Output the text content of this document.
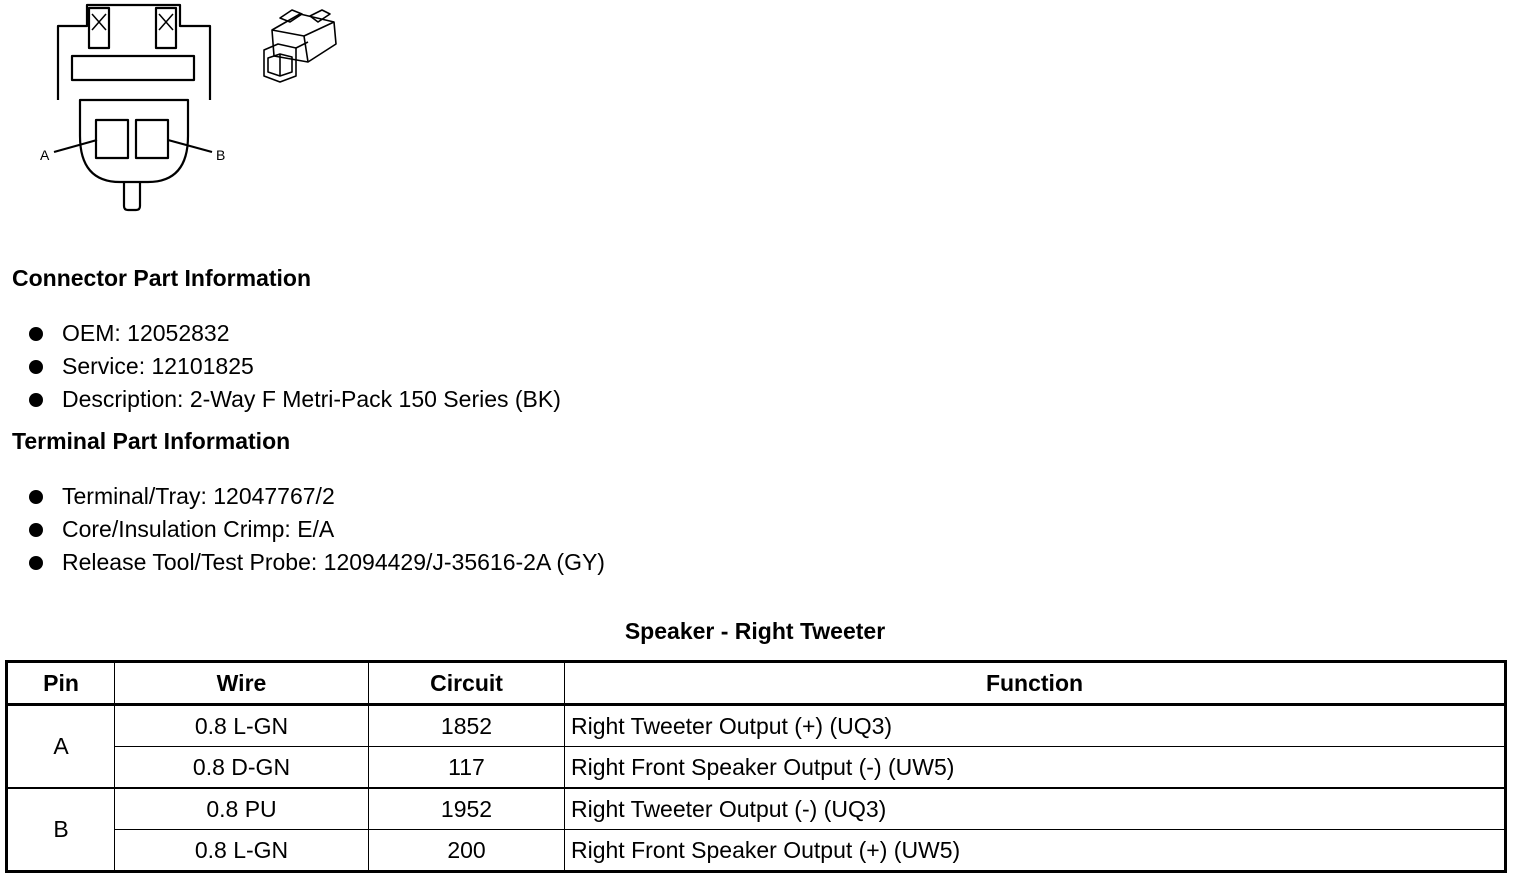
A	B
Connector Part Information
OEM: 12052832
Service: 12101825
Description: 2-Way F Metri-Pack 150 Series (BK)
Terminal Part Information
Terminal/Tray: 12047767/2
Core/Insulation Crimp: E/A
Release Tool/Test Probe: 12094429/J-35616-2A (GY)
Speaker - Right Tweeter
Pin	Wire	Circuit	Function
A	0.8 L-GN	1852	Right Tweeter Output (+) (UQ3)
	0.8 D-GN	117	Right Front Speaker Output (-) (UW5)
B	0.8 PU	1952	Right Tweeter Output (-) (UQ3)
	0.8 L-GN	200	Right Front Speaker Output (+) (UW5)
